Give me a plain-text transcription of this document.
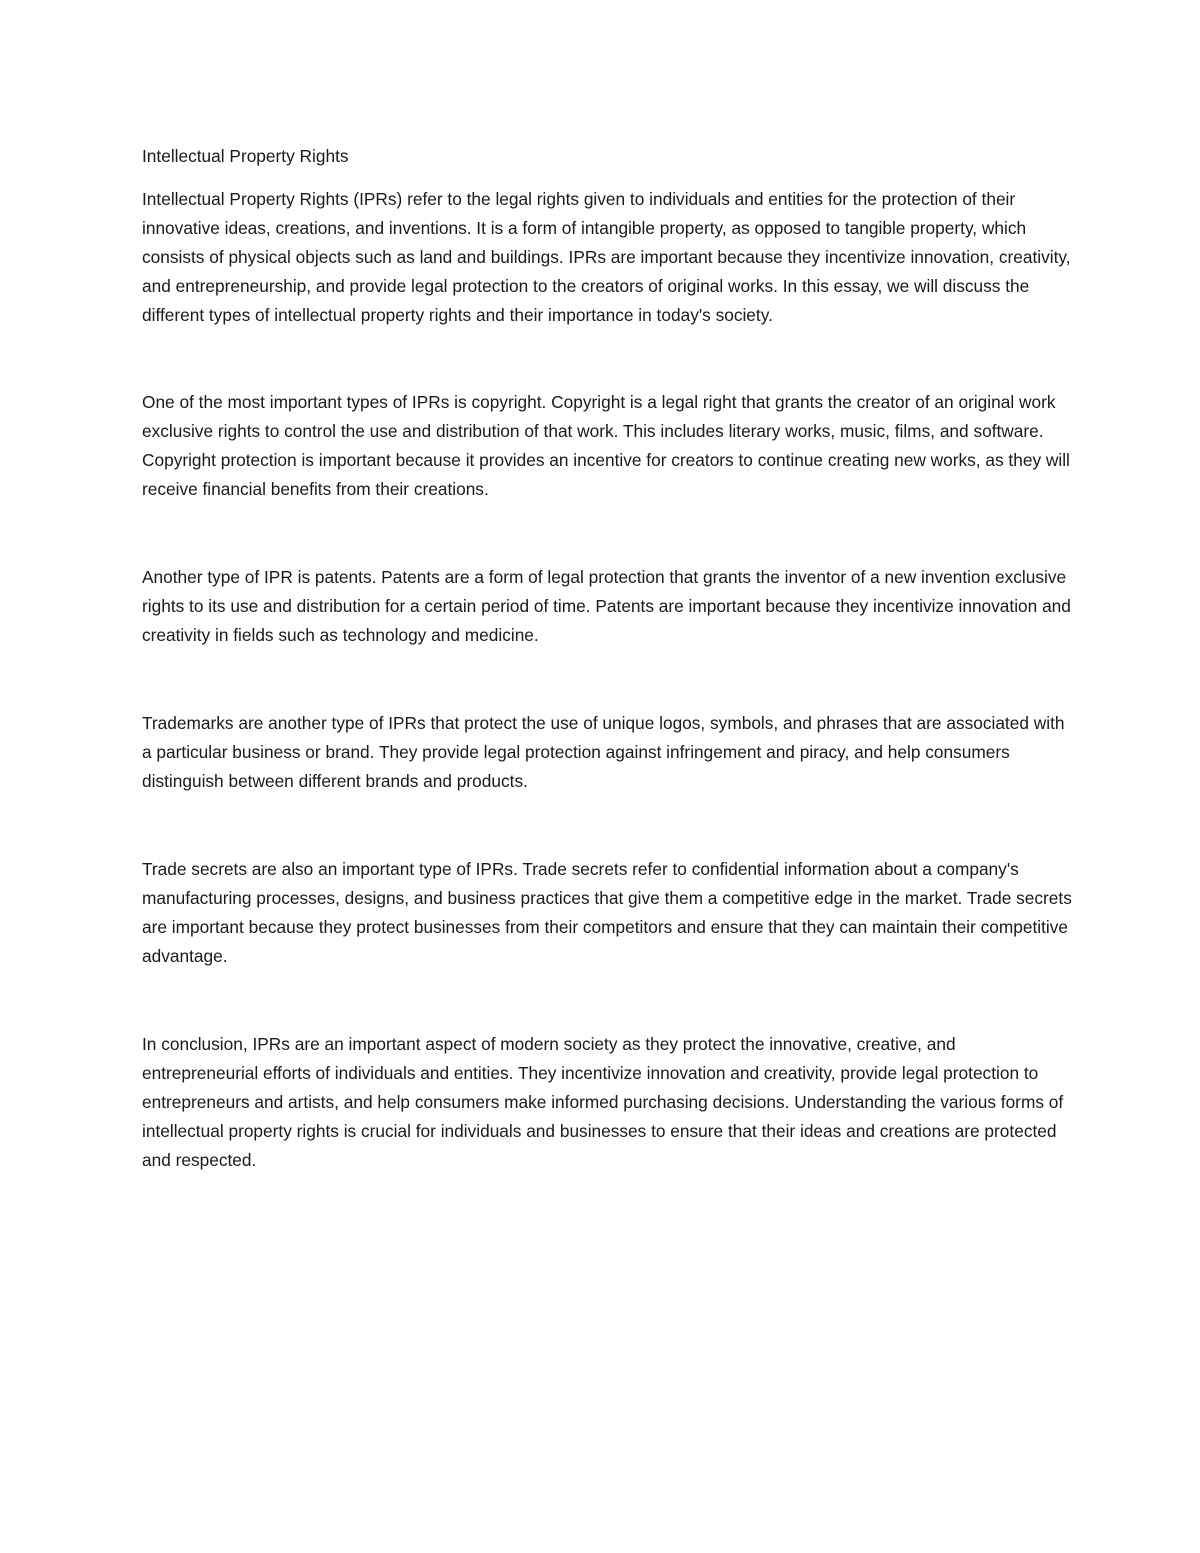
Intellectual Property Rights

Intellectual Property Rights (IPRs) refer to the legal rights given to individuals and entities for the protection of their innovative ideas, creations, and inventions. It is a form of intangible property, as opposed to tangible property, which consists of physical objects such as land and buildings. IPRs are important because they incentivize innovation, creativity, and entrepreneurship, and provide legal protection to the creators of original works. In this essay, we will discuss the different types of intellectual property rights and their importance in today's society.

One of the most important types of IPRs is copyright. Copyright is a legal right that grants the creator of an original work exclusive rights to control the use and distribution of that work. This includes literary works, music, films, and software. Copyright protection is important because it provides an incentive for creators to continue creating new works, as they will receive financial benefits from their creations.

Another type of IPR is patents. Patents are a form of legal protection that grants the inventor of a new invention exclusive rights to its use and distribution for a certain period of time. Patents are important because they incentivize innovation and creativity in fields such as technology and medicine.

Trademarks are another type of IPRs that protect the use of unique logos, symbols, and phrases that are associated with a particular business or brand. They provide legal protection against infringement and piracy, and help consumers distinguish between different brands and products.

Trade secrets are also an important type of IPRs. Trade secrets refer to confidential information about a company's manufacturing processes, designs, and business practices that give them a competitive edge in the market. Trade secrets are important because they protect businesses from their competitors and ensure that they can maintain their competitive advantage.

In conclusion, IPRs are an important aspect of modern society as they protect the innovative, creative, and entrepreneurial efforts of individuals and entities. They incentivize innovation and creativity, provide legal protection to entrepreneurs and artists, and help consumers make informed purchasing decisions. Understanding the various forms of intellectual property rights is crucial for individuals and businesses to ensure that their ideas and creations are protected and respected.
